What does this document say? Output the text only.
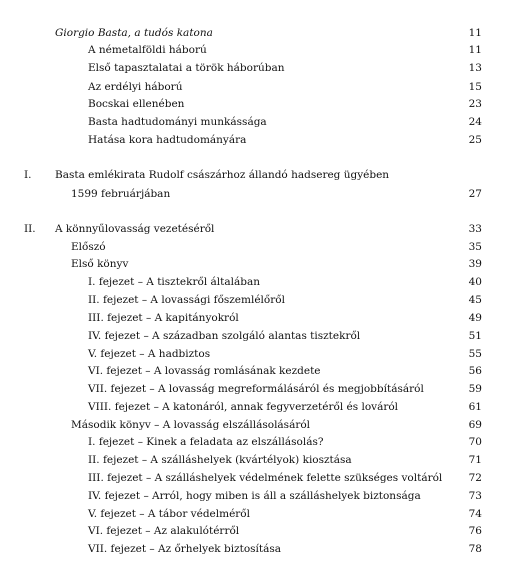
Giorgio Basta, a tudós katona	11
A németalföldi háború	11
Első tapasztalatai a török háborúban	13
Az erdélyi háború	15
Bocskai ellenében	23
Basta hadtudományi munkássága	24
Hatása kora hadtudományára	25
I. Basta emlékirata Rudolf császárhoz állandó hadsereg ügyében
1599 februárjában	27
II. A könnyűlovasság vezetéséről	33
Előszó	35
Első könyv	39
I. fejezet – A tisztekről általában	40
II. fejezet – A lovassági főszemlélőről	45
III. fejezet – A kapitányokról	49
IV. fejezet – A században szolgáló alantas tisztekről	51
V. fejezet – A hadbiztos	55
VI. fejezet – A lovasság romlásának kezdete	56
VII. fejezet – A lovasság megreformálásáról és megjobbításáról	59
VIII. fejezet – A katonáról, annak fegyverzetéről és lováról	61
Második könyv – A lovasság elszállásolásáról	69
I. fejezet – Kinek a feladata az elszállásolás?	70
II. fejezet – A szálláshelyek (kvártélyok) kiosztása	71
III. fejezet – A szálláshelyek védelmének felette szükséges voltáról	72
IV. fejezet – Arról, hogy miben is áll a szálláshelyek biztonsága	73
V. fejezet – A tábor védelméről	74
VI. fejezet – Az alakulótérről	76
VII. fejezet – Az őrhelyek biztosítása	78
